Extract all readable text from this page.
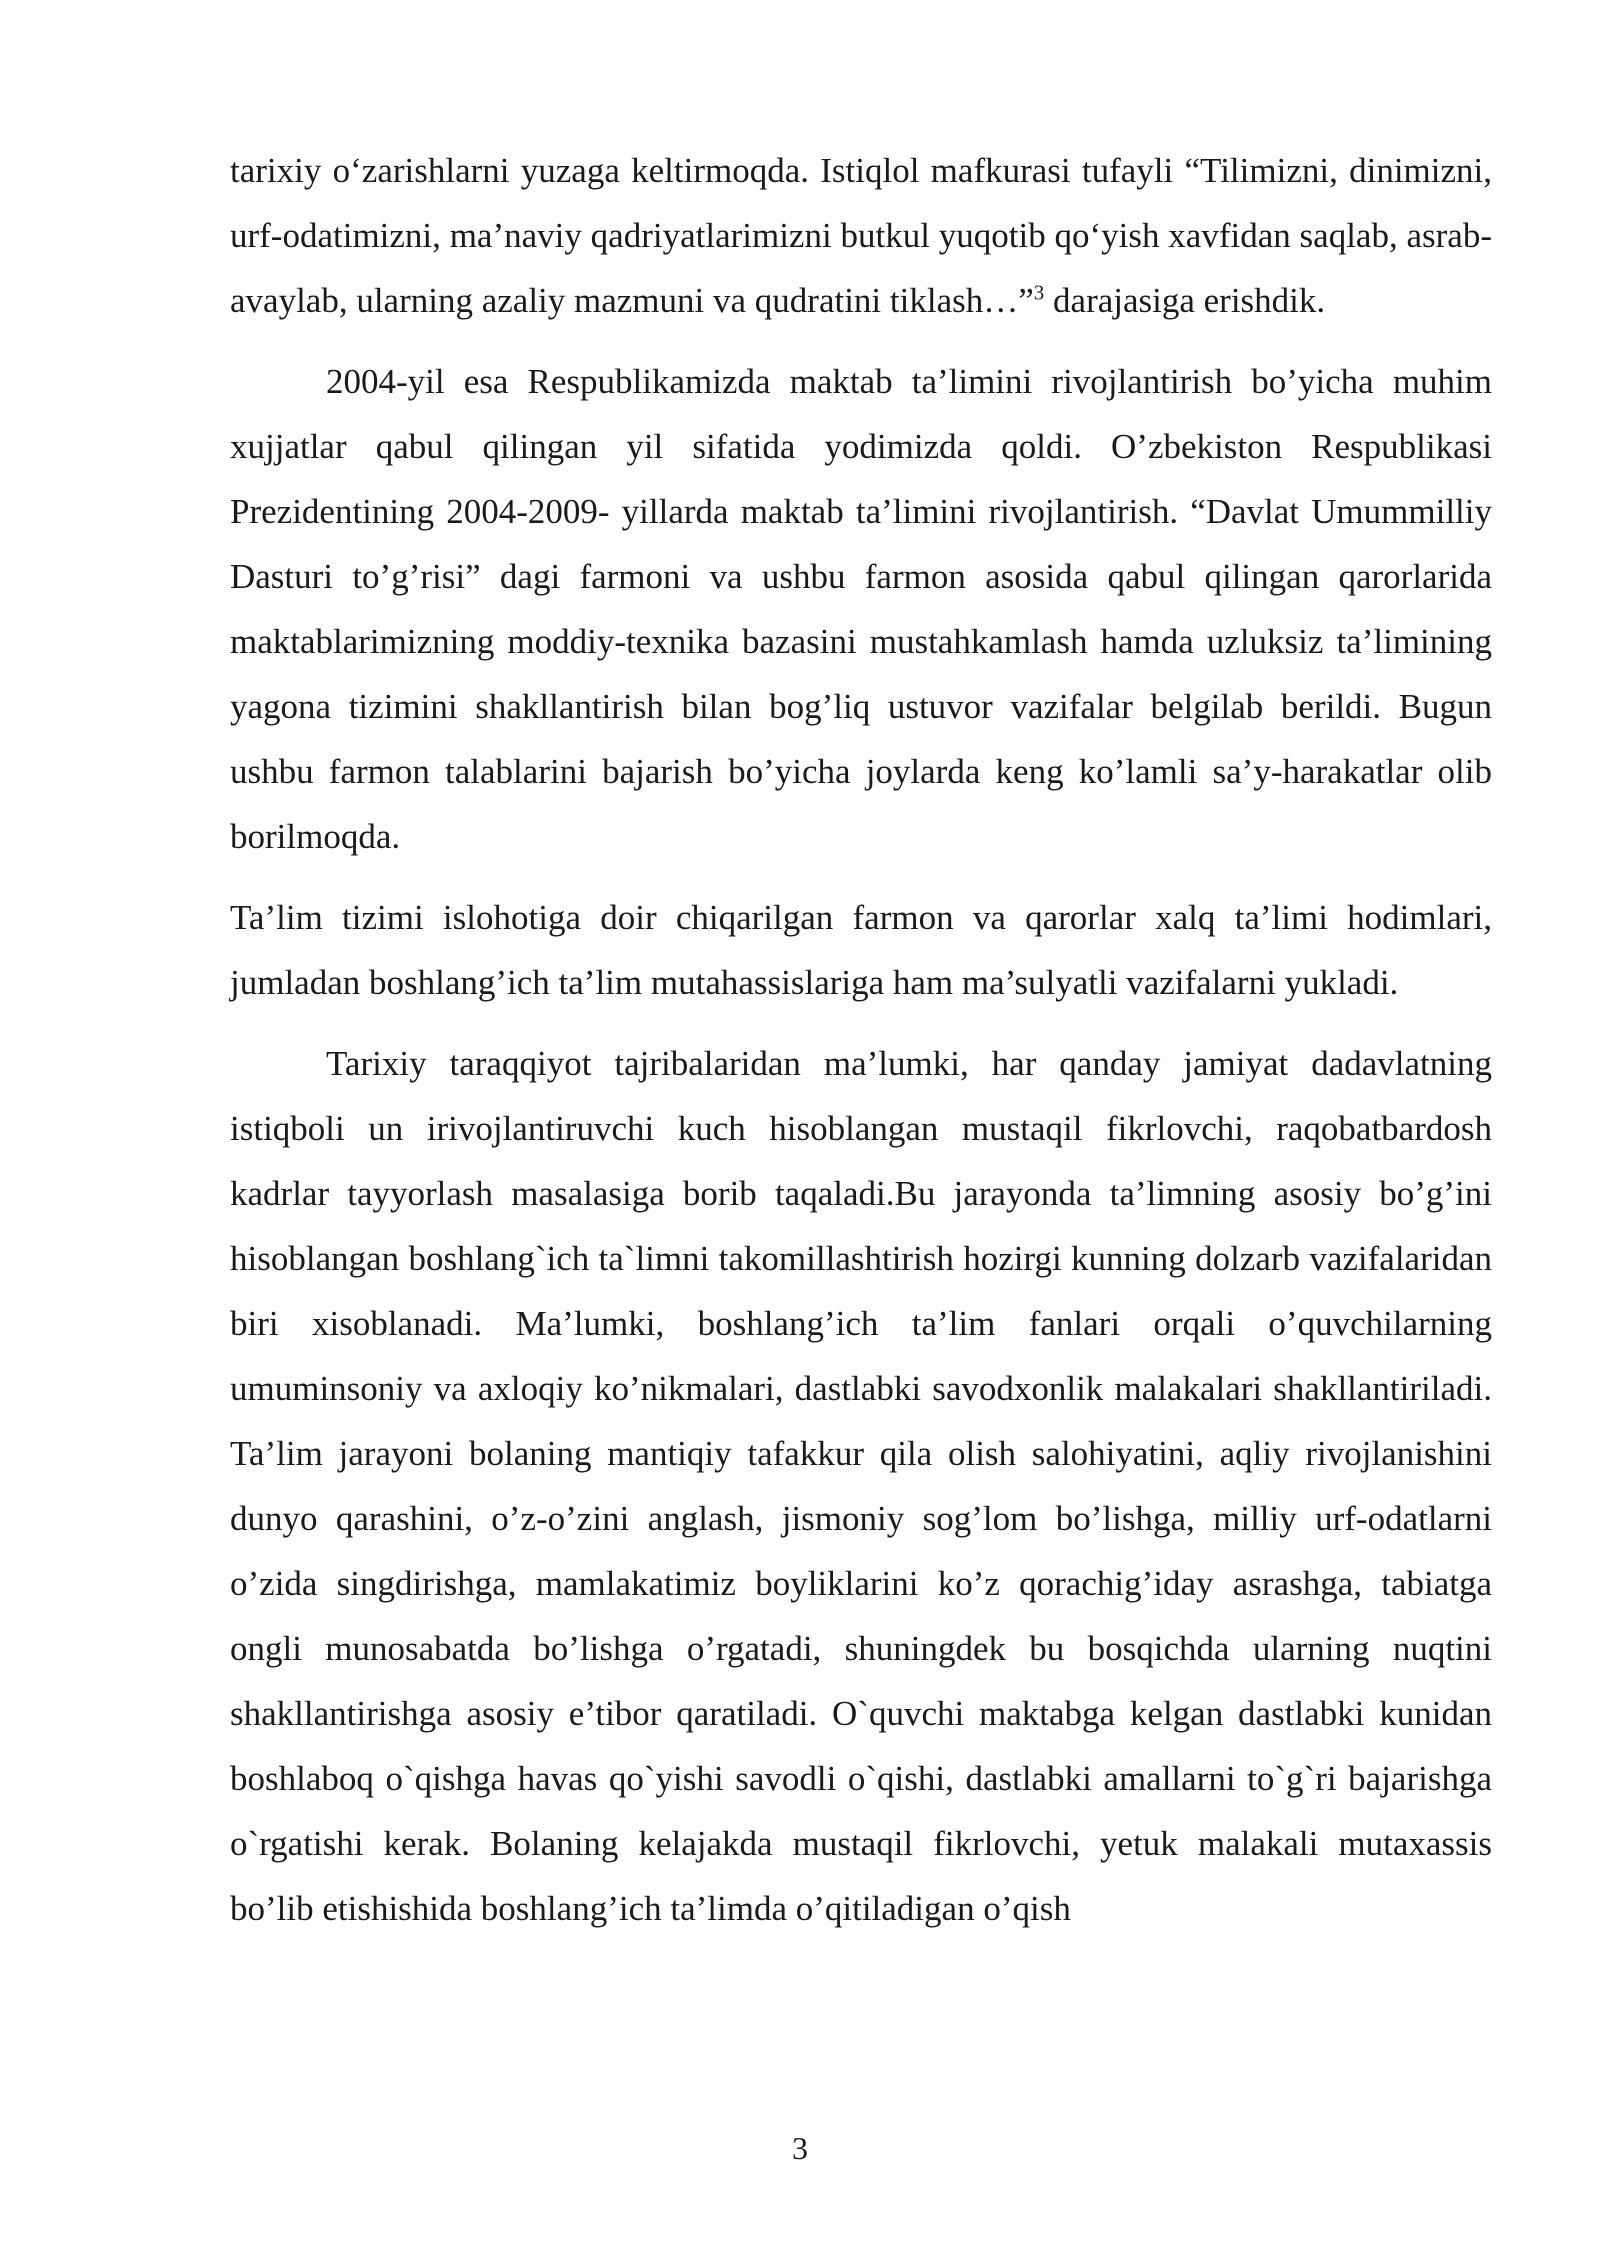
tarixiy o‘zarishlarni yuzaga keltirmoqda. Istiqlol mafkurasi tufayli “Tilimizni, dinimizni, urf-odatimizni, ma’naviy qadriyatlarimizni butkul yuqotib qo‘yish xavfidan saqlab, asrab-avaylab, ularning azaliy mazmuni va qudratini tiklash…”$^3$ darajasiga erishdik.

2004-yil esa Respublikamizda maktab ta’limini rivojlantirish bo’yicha muhim xujjatlar qabul qilingan yil sifatida yodimizda qoldi. O’zbekiston Respublikasi Prezidentining 2004-2009- yillarda maktab ta’limini rivojlantirish. “Davlat Umummilliy Dasturi to’g’risi” dagi farmoni va ushbu farmon asosida qabul qilingan qarorlarida maktablarimizning moddiy-texnika bazasini mustahkamlash hamda uzluksiz ta’limining yagona tizimini shakllantirish bilan bog’liq ustuvor vazifalar belgilab berildi. Bugun ushbu farmon talablarini bajarish bo’yicha joylarda keng ko’lamli sa’y-harakatlar olib borilmoqda.

Ta’lim tizimi islohotiga doir chiqarilgan farmon va qarorlar xalq ta’limi hodimlari, jumladan boshlang’ich ta’lim mutahassislariga ham ma’sulyatli vazifalarni yukladi.

Tarixiy taraqqiyot tajribalaridan ma’lumki, har qanday jamiyat dadavlatning istiqboli un irivojlantiruvchi kuch hisoblangan mustaqil fikrlovchi, raqobatbardosh kadrlar tayyorlash masalasiga borib taqaladi.Bu jarayonda ta’limning asosiy bo’g’ini hisoblangan boshlang`ich ta`limni takomillashtirish hozirgi kunning dolzarb vazifalaridan biri xisoblanadi. Ma’lumki, boshlang’ich ta’lim fanlari orqali o’quvchilarning umuminsoniy va axloqiy ko’nikmalari, dastlabki savodxonlik malakalari shakllantiriladi. Ta’lim jarayoni bolaning mantiqiy tafakkur qila olish salohiyatini, aqliy rivojlanishini dunyo qarashini, o’z-o’zini anglash, jismoniy sog’lom bo’lishga, milliy urf-odatlarni o’zida singdirishga, mamlakatimiz boyliklarini ko’z qorachig’iday asrashga, tabiatga ongli munosabatda bo’lishga o’rgatadi, shuningdek bu bosqichda ularning nuqtini shakllantirishga asosiy e’tibor qaratiladi. O`quvchi maktabga kelgan dastlabki kunidan boshlaboq o`qishga havas qo`yishi savodli o`qishi, dastlabki amallarni to`g`ri bajarishga o`rgatishi kerak. Bolaning kelajakda mustaqil fikrlovchi, yetuk malakali mutaxassis bo’lib etishishida boshlang’ich ta’limda o’qitiladigan o’qish

3
